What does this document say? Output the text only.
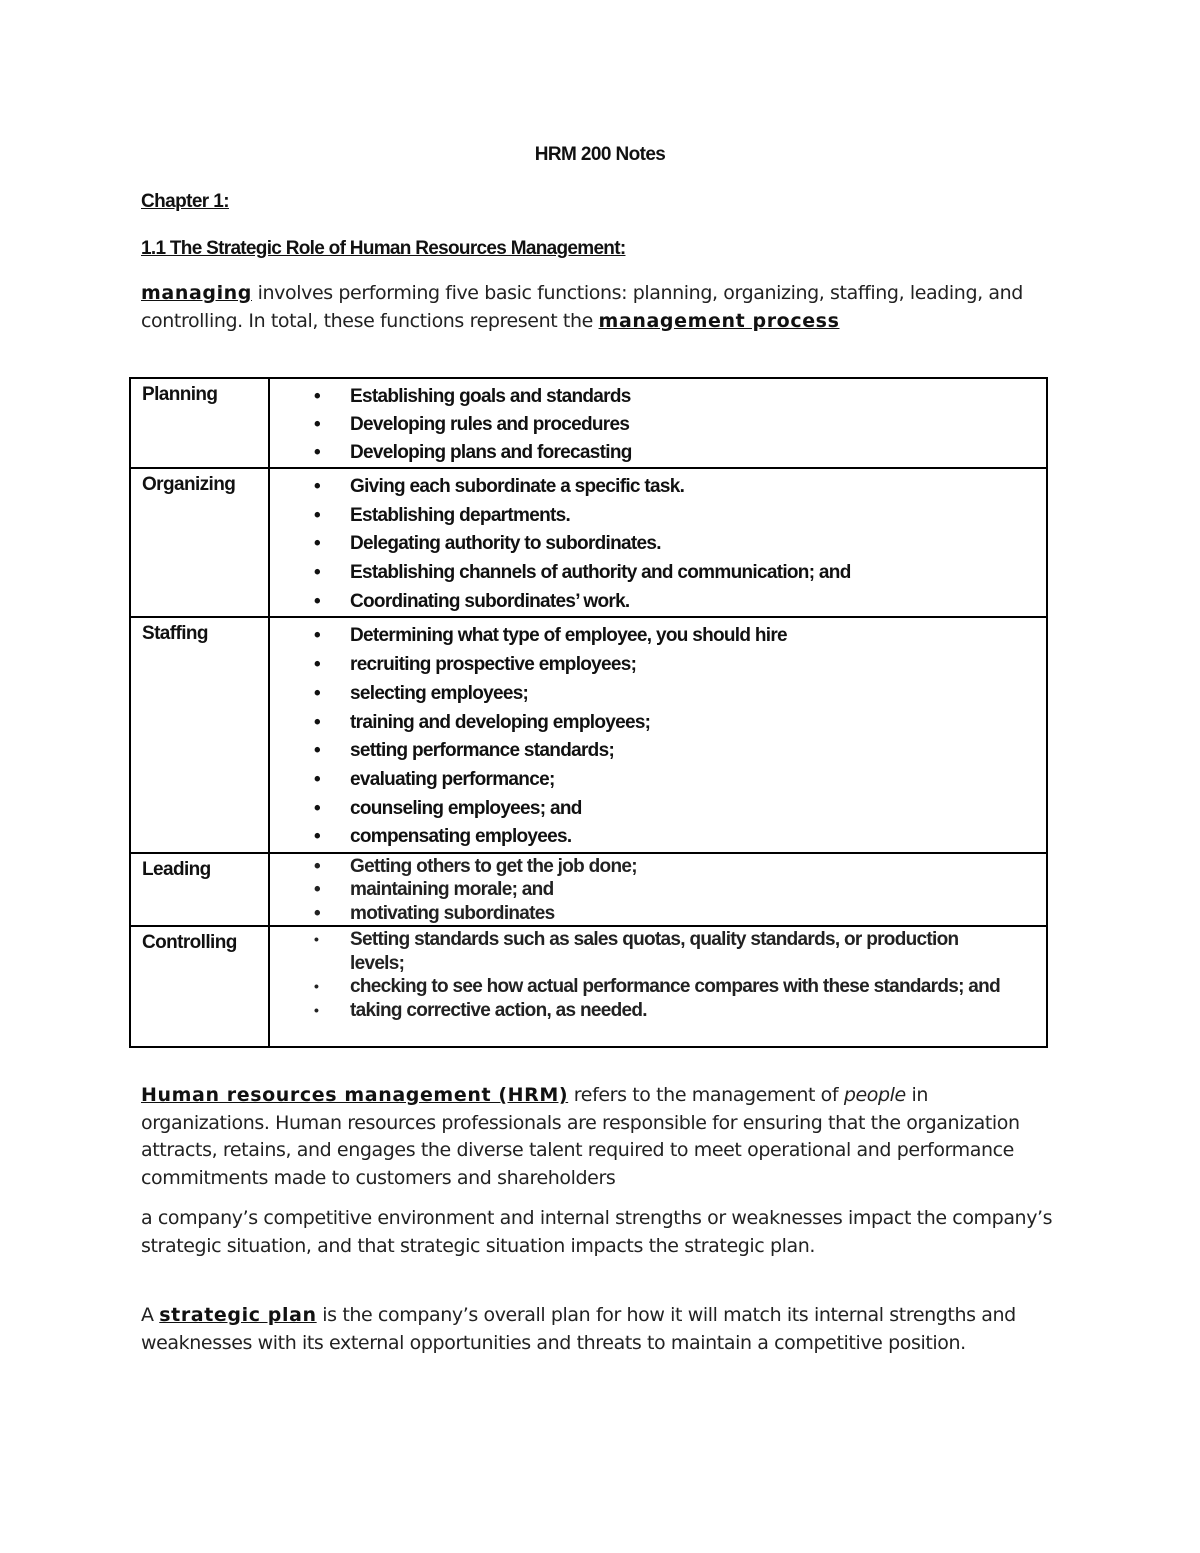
HRM 200 Notes
Chapter 1:
1.1 The Strategic Role of Human Resources Management:
managing involves performing five basic functions: planning, organizing, staffing, leading, and controlling. In total, these functions represent the management process
Planning	• Establishing goals and standards
• Developing rules and procedures
• Developing plans and forecasting

Organizing	• Giving each subordinate a specific task.
• Establishing departments.
• Delegating authority to subordinates.
• Establishing channels of authority and communication; and
• Coordinating subordinates’ work.

Staffing	• Determining what type of employee, you should hire
• recruiting prospective employees;
• selecting employees;
• training and developing employees;
• setting performance standards;
• evaluating performance;
• counseling employees; and
• compensating employees.

Leading	• Getting others to get the job done;
• maintaining morale; and
• motivating subordinates

Controlling	• Setting standards such as sales quotas, quality standards, or production levels;
• checking to see how actual performance compares with these standards; and
• taking corrective action, as needed.
Human resources management (HRM) refers to the management of people in organizations. Human resources professionals are responsible for ensuring that the organization attracts, retains, and engages the diverse talent required to meet operational and performance commitments made to customers and shareholders
a company’s competitive environment and internal strengths or weaknesses impact the company’s strategic situation, and that strategic situation impacts the strategic plan.
A strategic plan is the company’s overall plan for how it will match its internal strengths and weaknesses with its external opportunities and threats to maintain a competitive position.
